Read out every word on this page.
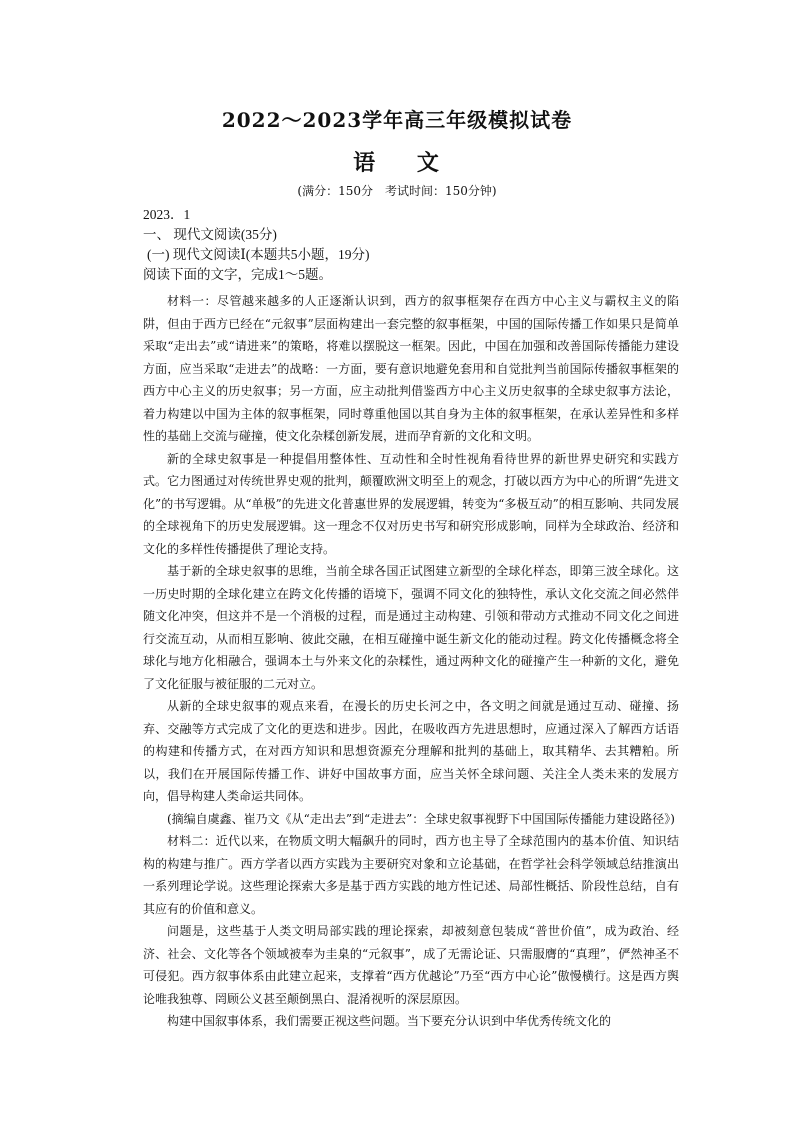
2022～2023学年高三年级模拟试卷
语 文
(满分：150分　考试时间：150分钟)
2023．1
一、 现代文阅读(35分)
(一) 现代文阅读Ⅰ(本题共5小题，19分)
阅读下面的文字，完成1～5题。

材料一：尽管越来越多的人正逐渐认识到，西方的叙事框架存在西方中心主义与霸权主义的陷阱，但由于西方已经在“元叙事”层面构建出一套完整的叙事框架，中国的国际传播工作如果只是简单采取“走出去”或“请进来”的策略，将难以摆脱这一框架。因此，中国在加强和改善国际传播能力建设方面，应当采取“走进去”的战略：一方面，要有意识地避免套用和自觉批判当前国际传播叙事框架的西方中心主义的历史叙事；另一方面，应主动批判借鉴西方中心主义历史叙事的全球史叙事方法论，着力构建以中国为主体的叙事框架，同时尊重他国以其自身为主体的叙事框架，在承认差异性和多样性的基础上交流与碰撞，使文化杂糅创新发展，进而孕育新的文化和文明。

新的全球史叙事是一种提倡用整体性、互动性和全时性视角看待世界的新世界史研究和实践方式。它力图通过对传统世界史观的批判，颠覆欧洲文明至上的观念，打破以西方为中心的所谓“先进文化”的书写逻辑。从“单极”的先进文化普惠世界的发展逻辑，转变为“多极互动”的相互影响、共同发展的全球视角下的历史发展逻辑。这一理念不仅对历史书写和研究形成影响，同样为全球政治、经济和文化的多样性传播提供了理论支持。

基于新的全球史叙事的思维，当前全球各国正试图建立新型的全球化样态，即第三波全球化。这一历史时期的全球化建立在跨文化传播的语境下，强调不同文化的独特性，承认文化交流之间必然伴随文化冲突，但这并不是一个消极的过程，而是通过主动构建、引领和带动方式推动不同文化之间进行交流互动，从而相互影响、彼此交融，在相互碰撞中诞生新文化的能动过程。跨文化传播概念将全球化与地方化相融合，强调本土与外来文化的杂糅性，通过两种文化的碰撞产生一种新的文化，避免了文化征服与被征服的二元对立。

从新的全球史叙事的观点来看，在漫长的历史长河之中，各文明之间就是通过互动、碰撞、扬弃、交融等方式完成了文化的更迭和进步。因此，在吸收西方先进思想时，应通过深入了解西方话语的构建和传播方式，在对西方知识和思想资源充分理解和批判的基础上，取其精华、去其糟粕。所以，我们在开展国际传播工作、讲好中国故事方面，应当关怀全球问题、关注全人类未来的发展方向，倡导构建人类命运共同体。

(摘编自虞鑫、崔乃文《从“走出去”到“走进去”：全球史叙事视野下中国国际传播能力建设路径》)

材料二：近代以来，在物质文明大幅飙升的同时，西方也主导了全球范围内的基本价值、知识结构的构建与推广。西方学者以西方实践为主要研究对象和立论基础，在哲学社会科学领域总结推演出一系列理论学说。这些理论探索大多是基于西方实践的地方性记述、局部性概括、阶段性总结，自有其应有的价值和意义。

问题是，这些基于人类文明局部实践的理论探索，却被刻意包装成“普世价值”，成为政治、经济、社会、文化等各个领域被奉为圭臬的“元叙事”，成了无需论证、只需服膺的“真理”，俨然神圣不可侵犯。西方叙事体系由此建立起来，支撑着“西方优越论”乃至“西方中心论”傲慢横行。这是西方舆论唯我独尊、罔顾公义甚至颠倒黑白、混淆视听的深层原因。

构建中国叙事体系，我们需要正视这些问题。当下要充分认识到中华优秀传统文化的
